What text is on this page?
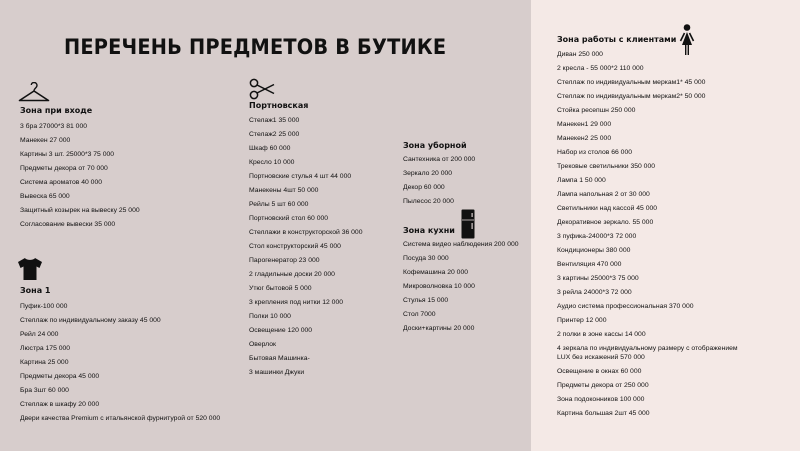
ПЕРЕЧЕНЬ ПРЕДМЕТОВ В БУТИКЕ
Зона при входе
3 бра 27000*3 81 000
Манекен 27 000
Картины 3 шт. 25000*3 75 000
Предметы декора от 70 000
Система ароматов 40 000
Вывеска 65 000
Защитный козырек на вывеску 25 000
Согласование вывески 35 000
Зона 1
Пуфик-100 000
Стеллаж по индивидуальному заказу 45 000
Рейл 24 000
Люстра 175 000
Картина 25 000
Предметы декора 45 000
Бра 3шт 60 000
Стеллаж в шкафу 20 000
Двери качества Premium с итальянской фурнитурой от 520 000
Портновская
Стелаж1 35 000
Стелаж2 25 000
Шкаф 60 000
Кресло 10 000
Портновские стулья 4 шт 44 000
Манекены 4шт 50 000
Рейлы 5 шт 60 000
Портновский стол 60 000
Стеллажи в конструкторской 36 000
Стол конструкторский 45 000
Парогенератор 23 000
2 гладильные доски 20 000
Утюг бытовой 5 000
3 крепления под нитки 12 000
Полки 10 000
Освещение 120 000
Оверлок
Бытовая Машинка-
3 машинки Джуки
Зона уборной
Сантехника от 200 000
Зеркало 20 000
Декор 60 000
Пылесос 20 000
Зона кухни
Система видео наблюдения 200 000
Посуда 30 000
Кофемашина 20 000
Микроволновка 10 000
Стулья 15 000
Стол 7000
Доски+картины 20 000
Зона работы с клиентами
Диван 250 000
2 кресла - 55 000*2 110 000
Стеллаж по индивидуальным меркам1* 45 000
Стеллаж по индивидуальным меркам2* 50 000
Стойка ресепшн 250 000
Манекен1 29 000
Манекен2 25 000
Набор из столов 66 000
Трековые светильники 350 000
Лампа 1 50 000
Лампа напольная 2 от 30 000
Светильники над кассой 45 000
Декоративное зеркало. 55 000
3 пуфика-24000*3 72 000
Кондиционеры 380 000
Вентиляция 470 000
3 картины 25000*3 75 000
3 рейла 24000*3 72 000
Аудио система профессиональная 370 000
Принтер 12 000
2 полки в зоне кассы 14 000
4 зеркала по индивидуальному размеру с отображением
LUX без искажений 570 000
Освещение в окнах 60 000
Предметы декора от 250 000
Зона подоконников 100 000
Картина большая 2шт 45 000
